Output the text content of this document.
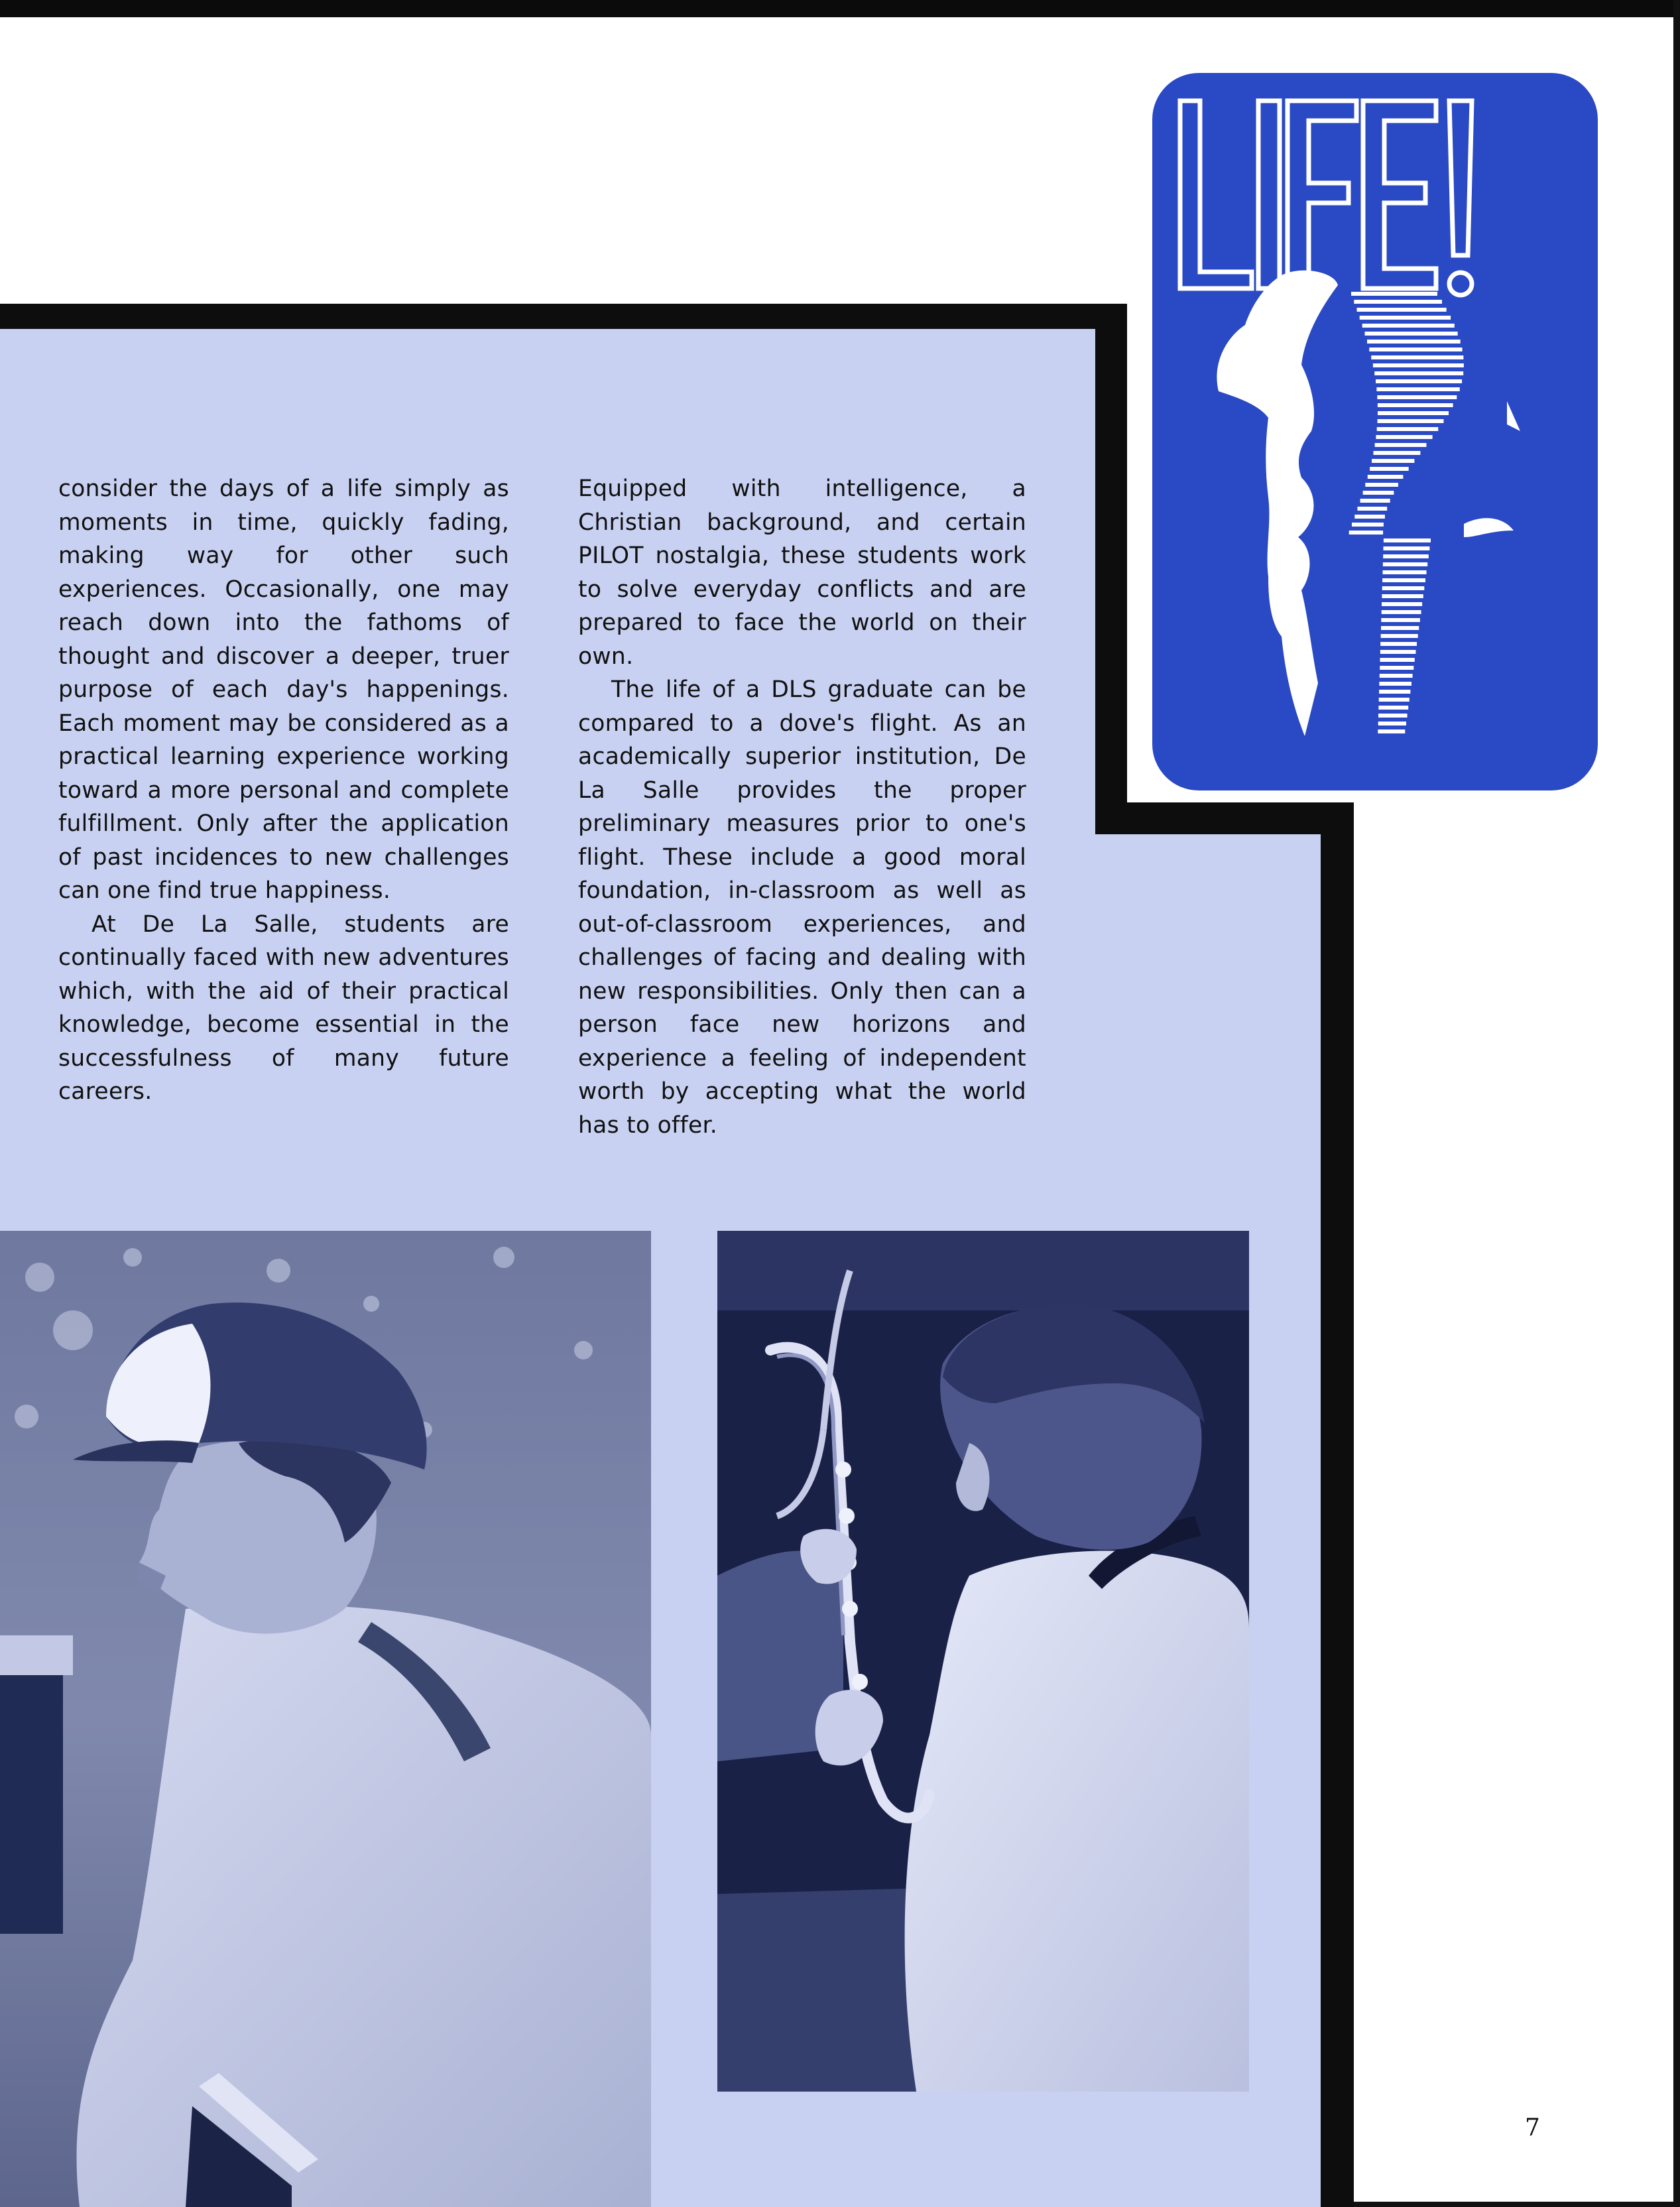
consider the days of a life simply as moments in time, quickly fading, making way for other such experiences. Occasionally, one may reach down into the fathoms of thought and discover a deeper, truer purpose of each day's happenings. Each moment may be considered as a practical learning experience working toward a more personal and complete fulfillment. Only after the application of past incidences to new challenges can one find true happiness.

At De La Salle, students are continually faced with new adventures which, with the aid of their practical knowledge, become essential in the successfulness of many future careers.

Equipped with intelligence, a Christian background, and certain PILOT nostalgia, these students work to solve everyday conflicts and are prepared to face the world on their own.

The life of a DLS graduate can be compared to a dove's flight. As an academically superior institution, De La Salle provides the proper preliminary measures prior to one's flight. These include a good moral foundation, in-classroom as well as out-of-classroom experiences, and challenges of facing and dealing with new responsibilities. Only then can a person face new horizons and experience a feeling of independent worth by accepting what the world has to offer.

7
